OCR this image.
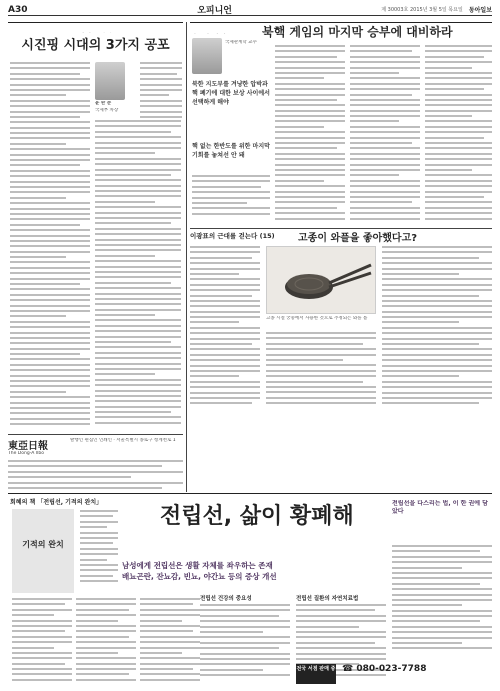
A30	오피니언	제 30003호 2015년 3월 5일 목요일 동아일보
시진핑 시대의 3가지 공포
윤 완 준
국제부 차장
東亞日報
The Dong-A Ilbo
발행인 편집인 인쇄인 · 서울특별시 종로구 청계천로 1
국제관계학 교수
북핵 게임의 마지막 승부에 대비하라
북한 지도부를 겨냥한 압박과 핵 폐기에 대한 보상 사이에서 선택하게 해야
핵 없는 한반도를 위한 마지막 기회를 놓쳐선 안 돼
이광표의 근대를 걷는다 (15)	고종이 와플을 좋아했다고?
고종 시절 궁중에서 사용한 것으로 추정되는 와플 틀
회혜의 책 「전립선, 기적의 완치」
기적의 완치
전립선, 삶이 황폐해
남성에게 전립선은 생활 자체를 좌우하는 존재
배뇨곤란, 잔뇨감, 빈뇨, 야간뇨 등의 증상 개선
전립선 건강의 중요성	전립선 질환의 자연치료법
전립선을 다스리는 법, 이 한 권에 담았다
전국 서점 판매 중 ☎ 080-023-7788
